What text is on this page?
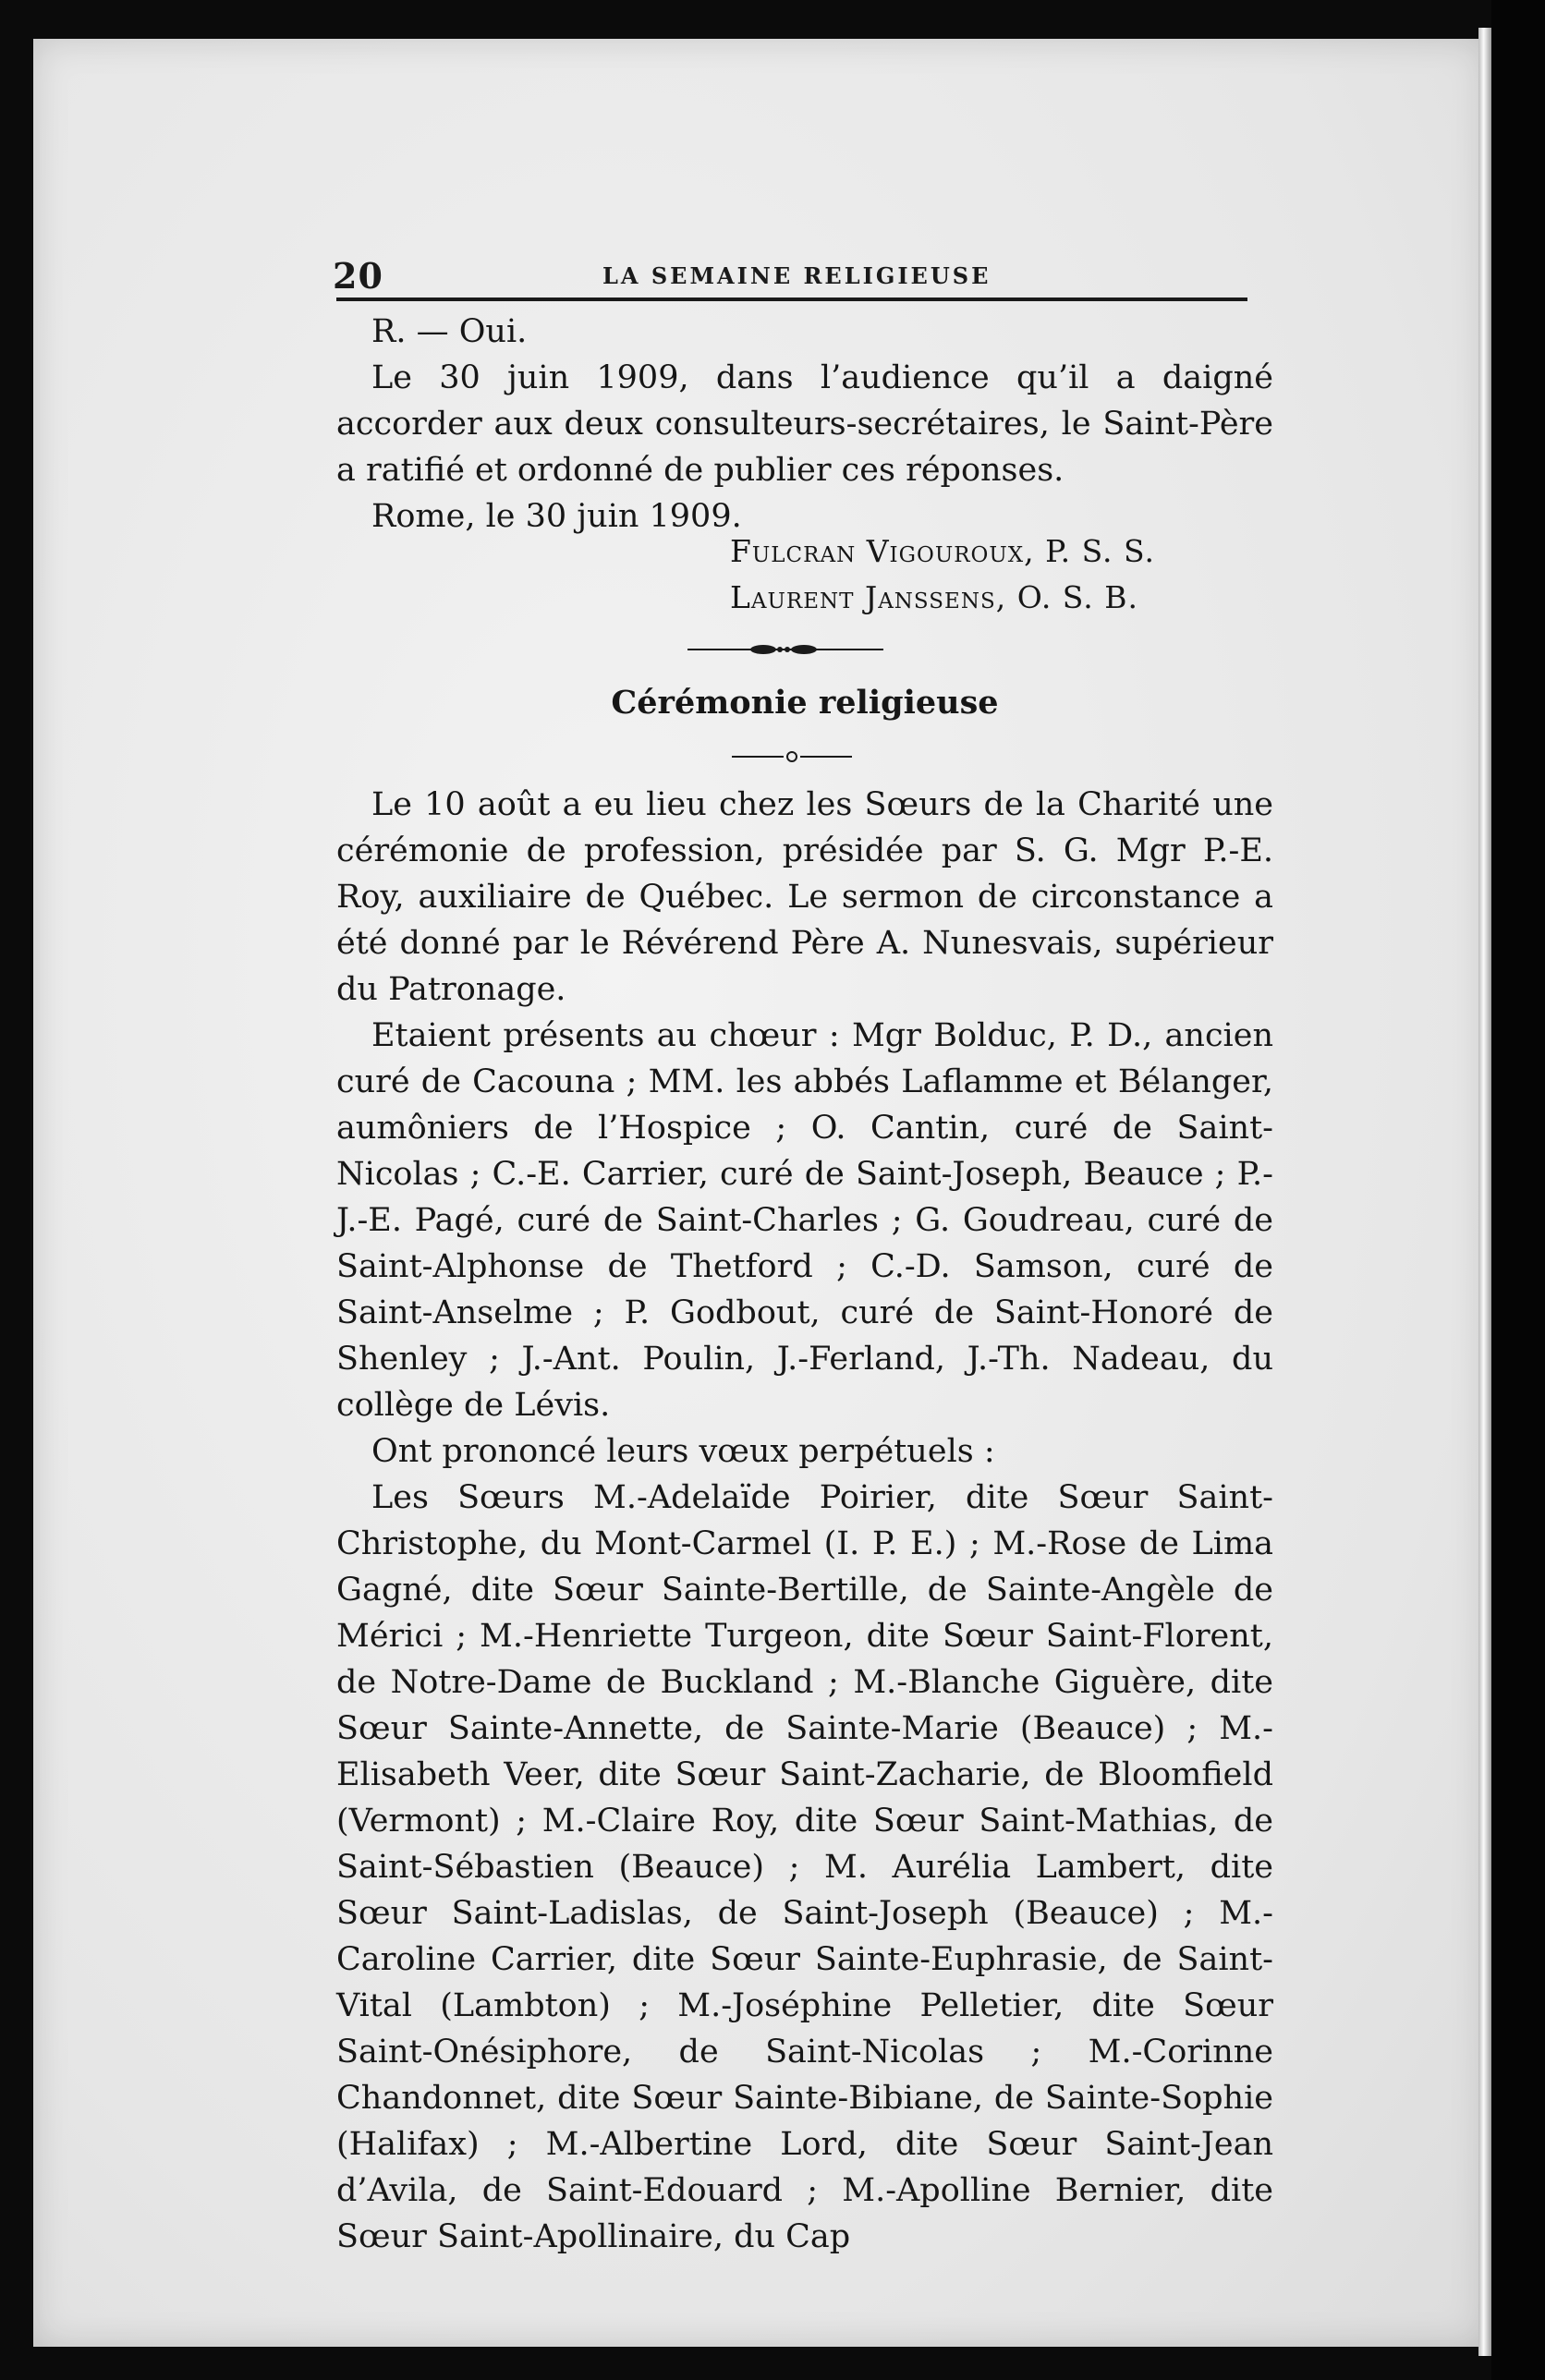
20	LA SEMAINE RELIGIEUSE

R. — Oui.

Le 30 juin 1909, dans l’audience qu’il a daigné accorder aux deux consulteurs-secrétaires, le Saint-Père a ratifié et ordonné de publier ces réponses.

Rome, le 30 juin 1909.

Fulcran Vigouroux, P. S. S.
Laurent Janssens, O. S. B.
Cérémonie religieuse

Le 10 août a eu lieu chez les Sœurs de la Charité une cérémonie de profession, présidée par S. G. Mgr P.-E. Roy, auxiliaire de Québec. Le sermon de circonstance a été donné par le Révérend Père A. Nunesvais, supérieur du Patronage.

Etaient présents au chœur : Mgr Bolduc, P. D., ancien curé de Cacouna ; MM. les abbés Laflamme et Bélanger, aumôniers de l’Hospice ; O. Cantin, curé de Saint-Nicolas ; C.-E. Carrier, curé de Saint-Joseph, Beauce ; P.-J.-E. Pagé, curé de Saint-Charles ; G. Goudreau, curé de Saint-Alphonse de Thetford ; C.-D. Samson, curé de Saint-Anselme ; P. Godbout, curé de Saint-Honoré de Shenley ; J.-Ant. Poulin, J.-Ferland, J.-Th. Nadeau, du collège de Lévis.

Ont prononcé leurs vœux perpétuels :

Les Sœurs M.-Adelaïde Poirier, dite Sœur Saint-Christophe, du Mont-Carmel (I. P. E.) ; M.-Rose de Lima Gagné, dite Sœur Sainte-Bertille, de Sainte-Angèle de Mérici ; M.-Henriette Turgeon, dite Sœur Saint-Florent, de Notre-Dame de Buckland ; M.-Blanche Giguère, dite Sœur Sainte-Annette, de Sainte-Marie (Beauce) ; M.-Elisabeth Veer, dite Sœur Saint-Zacharie, de Bloomfield (Vermont) ; M.-Claire Roy, dite Sœur Saint-Mathias, de Saint-Sébastien (Beauce) ; M. Aurélia Lambert, dite Sœur Saint-Ladislas, de Saint-Joseph (Beauce) ; M.-Caroline Carrier, dite Sœur Sainte-Euphrasie, de Saint-Vital (Lambton) ; M.-Joséphine Pelletier, dite Sœur Saint-Onésiphore, de Saint-Nicolas ; M.-Corinne Chandonnet, dite Sœur Sainte-Bibiane, de Sainte-Sophie (Halifax) ; M.-Albertine Lord, dite Sœur Saint-Jean d’Avila, de Saint-Edouard ; M.-Apolline Bernier, dite Sœur Saint-Apollinaire, du Cap
